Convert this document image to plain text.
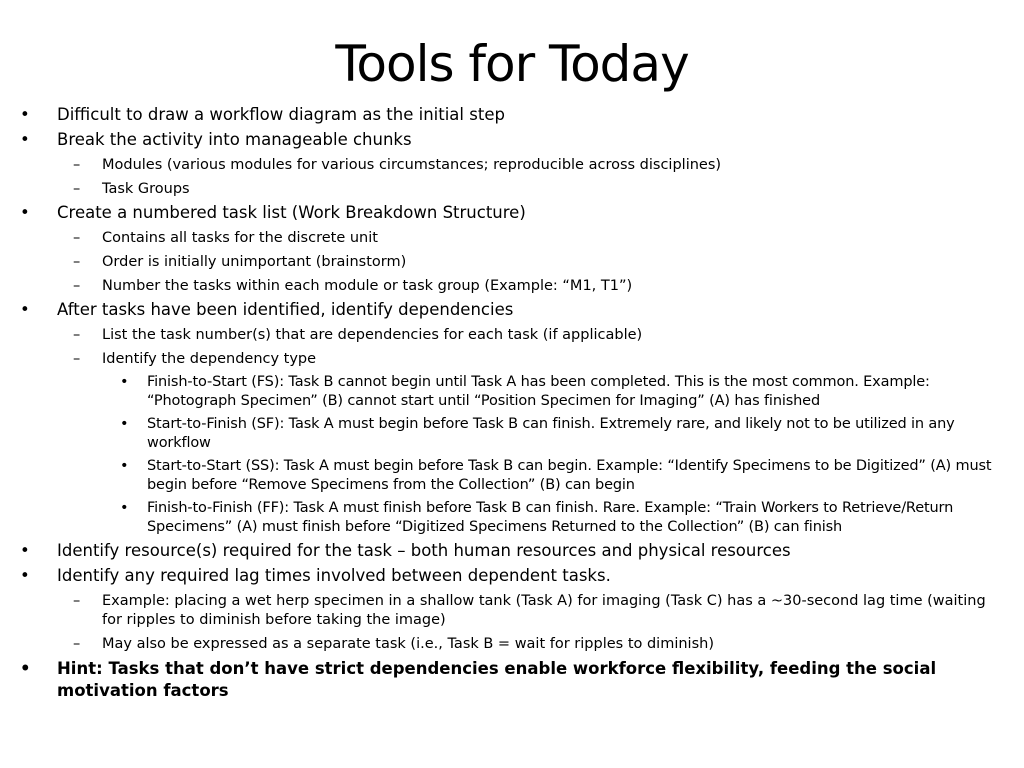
Tools for Today
• Difficult to draw a workflow diagram as the initial step
• Break the activity into manageable chunks
– Modules (various modules for various circumstances; reproducible across disciplines)
– Task Groups
• Create a numbered task list (Work Breakdown Structure)
– Contains all tasks for the discrete unit
– Order is initially unimportant (brainstorm)
– Number the tasks within each module or task group (Example: “M1, T1”)
• After tasks have been identified, identify dependencies
– List the task number(s) that are dependencies for each task (if applicable)
– Identify the dependency type
• Finish-to-Start (FS): Task B cannot begin until Task A has been completed. This is the most common. Example: “Photograph Specimen” (B) cannot start until “Position Specimen for Imaging” (A) has finished
• Start-to-Finish (SF): Task A must begin before Task B can finish. Extremely rare, and likely not to be utilized in any workflow
• Start-to-Start (SS): Task A must begin before Task B can begin. Example: “Identify Specimens to be Digitized” (A) must begin before “Remove Specimens from the Collection” (B) can begin
• Finish-to-Finish (FF): Task A must finish before Task B can finish. Rare. Example: “Train Workers to Retrieve/Return Specimens” (A) must finish before “Digitized Specimens Returned to the Collection” (B) can finish
• Identify resource(s) required for the task – both human resources and physical resources
• Identify any required lag times involved between dependent tasks.
– Example: placing a wet herp specimen in a shallow tank (Task A) for imaging (Task C) has a ~30-second lag time (waiting for ripples to diminish before taking the image)
– May also be expressed as a separate task (i.e., Task B = wait for ripples to diminish)
• Hint: Tasks that don’t have strict dependencies enable workforce flexibility, feeding the social motivation factors
